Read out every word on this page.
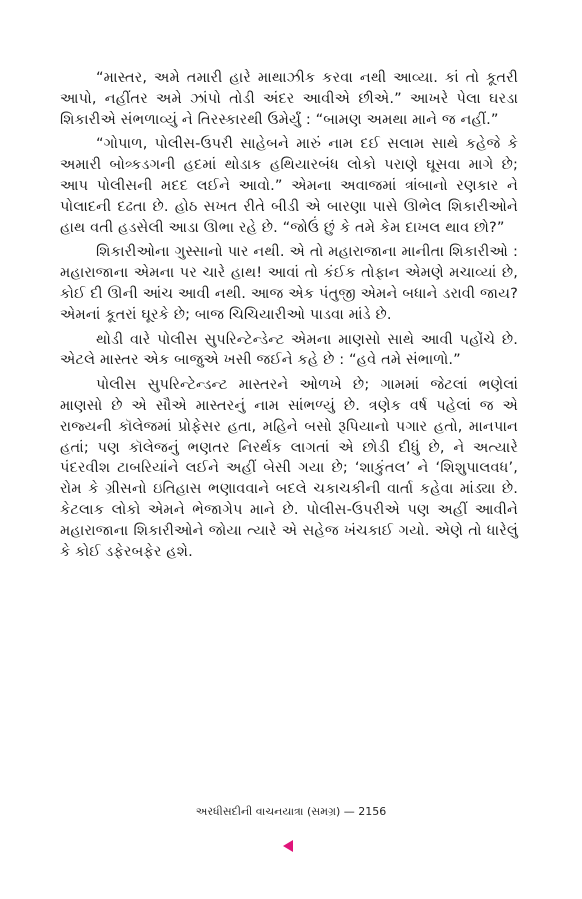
“માસ્તર, અમે તમારી હારે માથાઝીક કરવા નથી આવ્યા. કાં તો કૂતરી આપો, નહીંતર અમે ઝાંપો તોડી અંદર આવીએ છીએ.” આખરે પેલા ઘરડા શિકારીએ સંભળાવ્યું ને તિરસ્કારથી ઉમેર્યું : “બામણ અમથા માને જ નહીં.”

“ગોપાળ, પોલીસ-ઉપરી સાહેબને મારું નામ દઈ સલામ સાથે કહેજે કે અમારી બોત્ર્કડગની હદમાં થોડાક હથિયારબંધ લોકો પરાણે ઘૂસવા માગે છે; આપ પોલીસની મદદ લઈને આવો.” એમના અવાજમાં ત્રાંબાનો રણકાર ને પોલાદની દઢતા છે. હોઠ સખત રીતે બીડી એ બારણા પાસે ઊભેલ શિકારીઓને હાથ વતી હડસેલી આડા ઊભા રહે છે. “જોઉં છું કે તમે કેમ દાખલ થાવ છો?”

શિકારીઓના ગુસ્સાનો પાર નથી. એ તો મહારાજાના માનીતા શિકારીઓ : મહારાજાના એમના પર ચારે હાથ! આવાં તો કંઈક તોફાન એમણે મચાવ્યાં છે, કોઈ દી ઊની આંચ આવી નથી. આજ એક પંતુજી એમને બધાને ડરાવી જાય? એમનાં કૂતરાં ઘૂરકે છે; બાજ ચિચિયારીઓ પાડવા માંડે છે.

થોડી વારે પોલીસ સુપરિન્ટેન્ડેન્ટ એમના માણસો સાથે આવી પહોંચે છે. એટલે માસ્તર એક બાજુએ ખસી જઈને કહે છે : “હવે તમે સંભાળો.”

પોલીસ સુપરિન્ટેન્ડન્ટ માસ્તરને ઓળખે છે; ગામમાં જેટલાં ભણેલાં માણસો છે એ સૌએ માસ્તરનું નામ સાંભળ્યું છે. ત્રણેક વર્ષ પહેલાં જ એ રાજ્યની કૉલેજમાં પ્રોફેસર હતા, મહિને બસો રૂપિયાનો પગાર હતો, માનપાન હતાં; પણ કૉલેજનું ભણતર નિરર્થક લાગતાં એ છોડી દીધું છે, ને અત્યારે પંદરવીશ ટાબરિયાંને લઈને અહીં બેસી ગયા છે; ‘શાકુંતલ’ ને ‘શિશુપાલવધ’, રોમ કે ગ્રીસનો ઇતિહાસ ભણાવવાને બદલે ચકાચકીની વાર્તા કહેવા માંડ્યા છે. કેટલાક લોકો એમને ભેજાગેપ માને છે. પોલીસ-ઉપરીએ પણ અહીં આવીને મહારાજાના શિકારીઓને જોયા ત્યારે એ સહેજ ખંચકાઈ ગયો. એણે તો ધારેલું કે કોઈ ડફેરબફેર હશે.

અરધીસદીની વાચનયાત્રા (સમગ્ર) — 2156
